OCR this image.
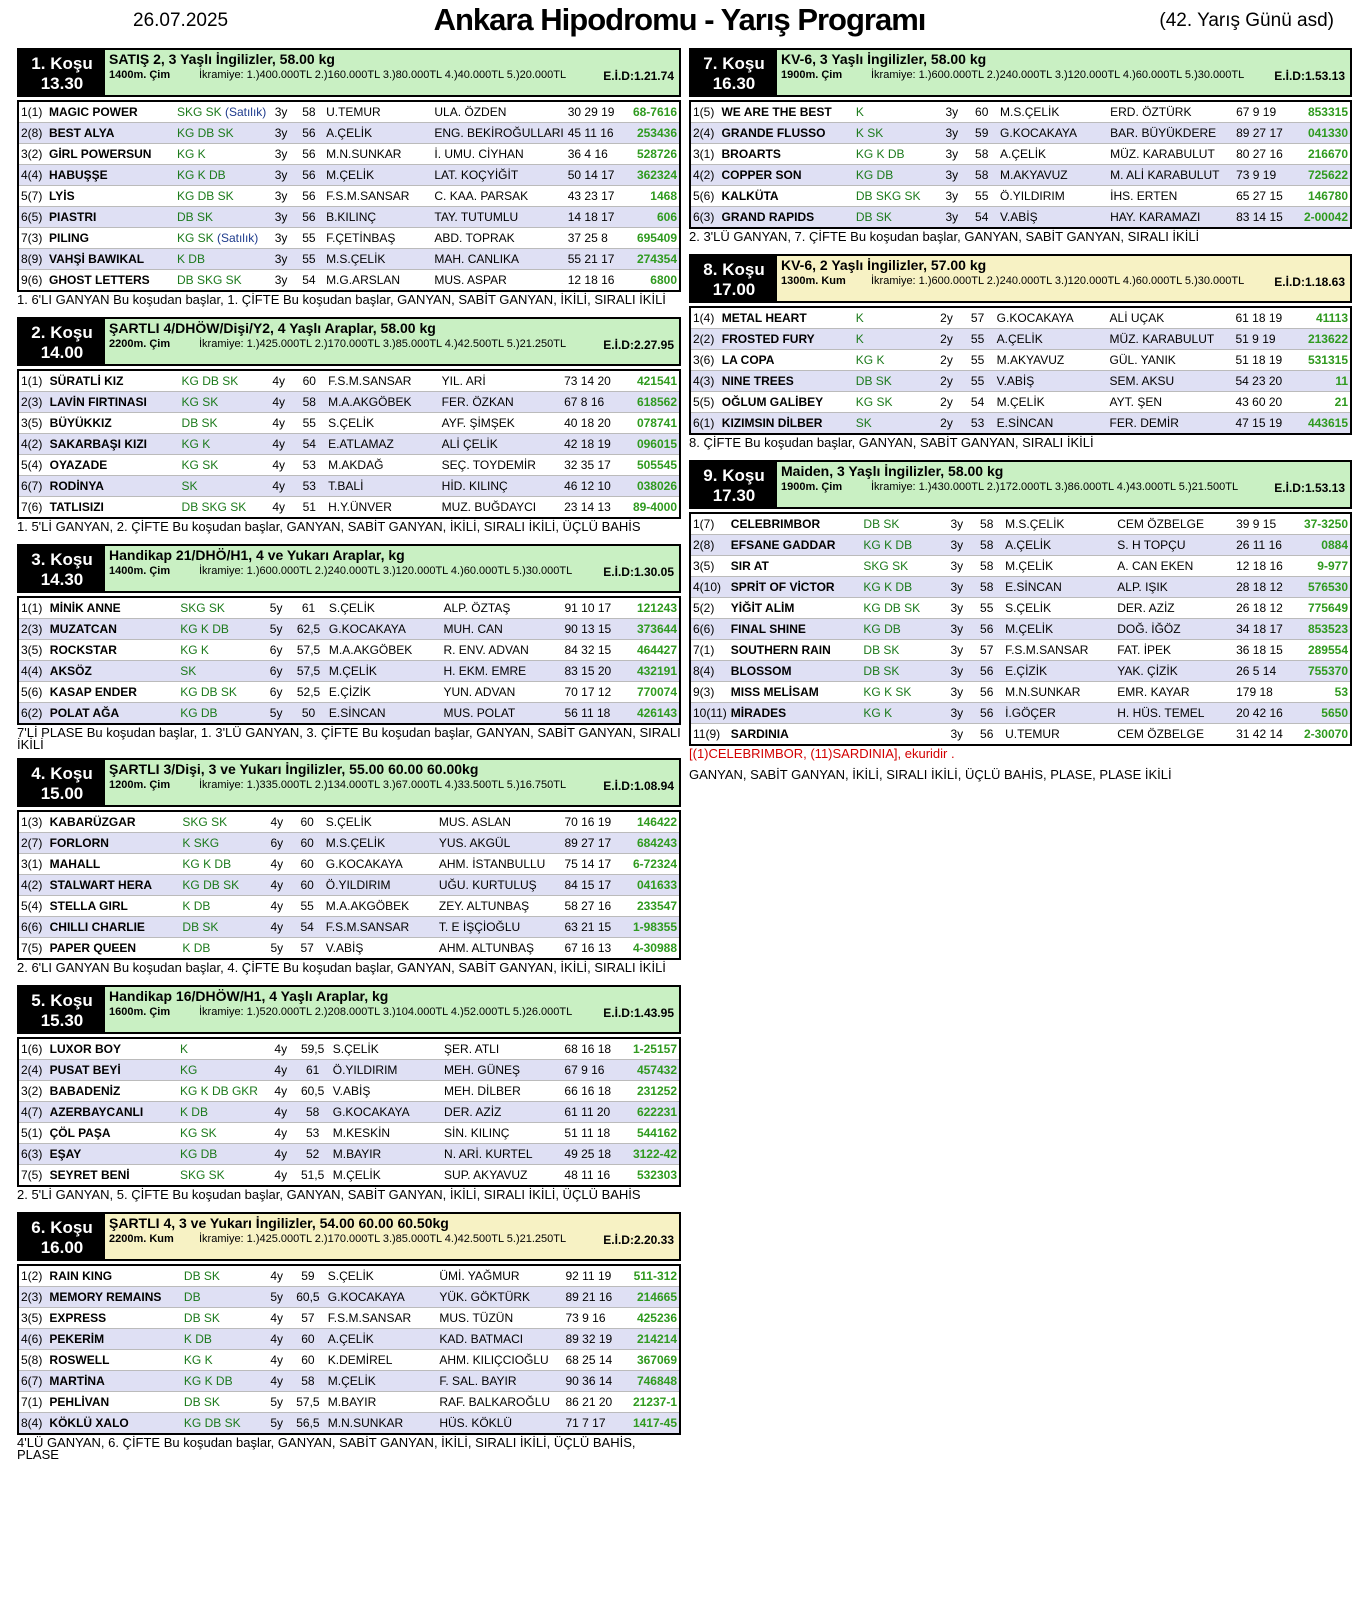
26.07.2025	Ankara Hipodromu - Yarış Programı	(42. Yarış Günü asd)
1. Koşu
13.30
SATIŞ 2, 3 Yaşlı İngilizler, 58.00 kg
1400m. Çim	İkramiye: 1.)400.000TL 2.)160.000TL 3.)80.000TL 4.)40.000TL 5.)20.000TL	E.İ.D:1.21.74
1(1)	MAGIC POWER	SKG SK (Satılık)	3y	58	U.TEMUR	ULA. ÖZDEN	30 29 19	68-7616
2(8)	BEST ALYA	KG DB SK	3y	56	A.ÇELİK	ENG. BEKİROĞULLARI	45 11 16	253436
3(2)	GİRL POWERSUN	KG K	3y	56	M.N.SUNKAR	İ. UMU. CİYHAN	36 4 16	528726
4(4)	HABUŞŞE	KG K DB	3y	56	M.ÇELİK	LAT. KOÇYİĞİT	50 14 17	362324
5(7)	LYİS	KG DB SK	3y	56	F.S.M.SANSAR	C. KAA. PARSAK	43 23 17	1468
6(5)	PIASTRI	DB SK	3y	56	B.KILINÇ	TAY. TUTUMLU	14 18 17	606
7(3)	PILING	KG SK (Satılık)	3y	55	F.ÇETİNBAŞ	ABD. TOPRAK	37 25 8	695409
8(9)	VAHŞİ BAWIKAL	K DB	3y	55	M.S.ÇELİK	MAH. CANLIKA	55 21 17	274354
9(6)	GHOST LETTERS	DB SKG SK	3y	54	M.G.ARSLAN	MUS. ASPAR	12 18 16	6800
1. 6'LI GANYAN Bu koşudan başlar, 1. ÇİFTE Bu koşudan başlar, GANYAN, SABİT GANYAN, İKİLİ, SIRALI İKİLİ
2. Koşu
14.00
ŞARTLI 4/DHÖW/Dişi/Y2, 4 Yaşlı Araplar, 58.00 kg
2200m. Çim	İkramiye: 1.)425.000TL 2.)170.000TL 3.)85.000TL 4.)42.500TL 5.)21.250TL	E.İ.D:2.27.95
1(1)	SÜRATLİ KIZ	KG DB SK	4y	60	F.S.M.SANSAR	YIL. ARİ	73 14 20	421541
2(3)	LAVİN FIRTINASI	KG SK	4y	58	M.A.AKGÖBEK	FER. ÖZKAN	67 8 16	618562
3(5)	BÜYÜKKIZ	DB SK	4y	55	S.ÇELİK	AYF. ŞİMŞEK	40 18 20	078741
4(2)	SAKARBAŞI KIZI	KG K	4y	54	E.ATLAMAZ	ALİ ÇELİK	42 18 19	096015
5(4)	OYAZADE	KG SK	4y	53	M.AKDAĞ	SEÇ. TOYDEMİR	32 35 17	505545
6(7)	RODİNYA	SK	4y	53	T.BALİ	HİD. KILINÇ	46 12 10	038026
7(6)	TATLISIZI	DB SKG SK	4y	51	H.Y.ÜNVER	MUZ. BUĞDAYCI	23 14 13	89-4000
1. 5'Lİ GANYAN, 2. ÇİFTE Bu koşudan başlar, GANYAN, SABİT GANYAN, İKİLİ, SIRALI İKİLİ, ÜÇLÜ BAHİS
3. Koşu
14.30
Handikap 21/DHÖ/H1, 4 ve Yukarı Araplar, kg
1400m. Çim	İkramiye: 1.)600.000TL 2.)240.000TL 3.)120.000TL 4.)60.000TL 5.)30.000TL	E.İ.D:1.30.05
1(1)	MİNİK ANNE	SKG SK	5y	61	S.ÇELİK	ALP. ÖZTAŞ	91 10 17	121243
2(3)	MUZATCAN	KG K DB	5y	62,5	G.KOCAKAYA	MUH. CAN	90 13 15	373644
3(5)	ROCKSTAR	KG K	6y	57,5	M.A.AKGÖBEK	R. ENV. ADVAN	84 32 15	464427
4(4)	AKSÖZ	SK	6y	57,5	M.ÇELİK	H. EKM. EMRE	83 15 20	432191
5(6)	KASAP ENDER	KG DB SK	6y	52,5	E.ÇİZİK	YUN. ADVAN	70 17 12	770074
6(2)	POLAT AĞA	KG DB	5y	50	E.SİNCAN	MUS. POLAT	56 11 18	426143
7'Lİ PLASE Bu koşudan başlar, 1. 3'LÜ GANYAN, 3. ÇİFTE Bu koşudan başlar, GANYAN, SABİT GANYAN, SIRALI İKİLİ
4. Koşu
15.00
ŞARTLI 3/Dişi, 3 ve Yukarı İngilizler, 55.00 60.00 60.00kg
1200m. Çim	İkramiye: 1.)335.000TL 2.)134.000TL 3.)67.000TL 4.)33.500TL 5.)16.750TL	E.İ.D:1.08.94
1(3)	KABARÜZGAR	SKG SK	4y	60	S.ÇELİK	MUS. ASLAN	70 16 19	146422
2(7)	FORLORN	K SKG	6y	60	M.S.ÇELİK	YUS. AKGÜL	89 27 17	684243
3(1)	MAHALL	KG K DB	4y	60	G.KOCAKAYA	AHM. İSTANBULLU	75 14 17	6-72324
4(2)	STALWART HERA	KG DB SK	4y	60	Ö.YILDIRIM	UĞU. KURTULUŞ	84 15 17	041633
5(4)	STELLA GIRL	K DB	4y	55	M.A.AKGÖBEK	ZEY. ALTUNBAŞ	58 27 16	233547
6(6)	CHILLI CHARLIE	DB SK	4y	54	F.S.M.SANSAR	T. E İŞÇİOĞLU	63 21 15	1-98355
7(5)	PAPER QUEEN	K DB	5y	57	V.ABİŞ	AHM. ALTUNBAŞ	67 16 13	4-30988
2. 6'LI GANYAN Bu koşudan başlar, 4. ÇİFTE Bu koşudan başlar, GANYAN, SABİT GANYAN, İKİLİ, SIRALI İKİLİ
5. Koşu
15.30
Handikap 16/DHÖW/H1, 4 Yaşlı Araplar, kg
1600m. Çim	İkramiye: 1.)520.000TL 2.)208.000TL 3.)104.000TL 4.)52.000TL 5.)26.000TL	E.İ.D:1.43.95
1(6)	LUXOR BOY	K	4y	59,5	S.ÇELİK	ŞER. ATLI	68 16 18	1-25157
2(4)	PUSAT BEYİ	KG	4y	61	Ö.YILDIRIM	MEH. GÜNEŞ	67 9 16	457432
3(2)	BABADENİZ	KG K DB GKR	4y	60,5	V.ABİŞ	MEH. DİLBER	66 16 18	231252
4(7)	AZERBAYCANLI	K DB	4y	58	G.KOCAKAYA	DER. AZİZ	61 11 20	622231
5(1)	ÇÖL PAŞA	KG SK	4y	53	M.KESKİN	SİN. KILINÇ	51 11 18	544162
6(3)	EŞAY	KG DB	4y	52	M.BAYIR	N. ARİ. KURTEL	49 25 18	3122-42
7(5)	SEYRET BENİ	SKG SK	4y	51,5	M.ÇELİK	SUP. AKYAVUZ	48 11 16	532303
2. 5'Lİ GANYAN, 5. ÇİFTE Bu koşudan başlar, GANYAN, SABİT GANYAN, İKİLİ, SIRALI İKİLİ, ÜÇLÜ BAHİS
6. Koşu
16.00
ŞARTLI 4, 3 ve Yukarı İngilizler, 54.00 60.00 60.50kg
2200m. Kum İkramiye: 1.)425.000TL 2.)170.000TL 3.)85.000TL 4.)42.500TL 5.)21.250TL	E.İ.D:2.20.33
1(2)	RAIN KING	DB SK	4y	59	S.ÇELİK	ÜMİ. YAĞMUR	92 11 19	511-312
2(3)	MEMORY REMAINS	DB	5y	60,5	G.KOCAKAYA	YÜK. GÖKTÜRK	89 21 16	214665
3(5)	EXPRESS	DB SK	4y	57	F.S.M.SANSAR	MUS. TÜZÜN	73 9 16	425236
4(6)	PEKERİM	K DB	4y	60	A.ÇELİK	KAD. BATMACI	89 32 19	214214
5(8)	ROSWELL	KG K	4y	60	K.DEMİREL	AHM. KILIÇCIOĞLU	68 25 14	367069
6(7)	MARTİNA	KG K DB	4y	58	M.ÇELİK	F. SAL. BAYIR	90 36 14	746848
7(1)	PEHLİVAN	DB SK	5y	57,5	M.BAYIR	RAF. BALKAROĞLU	86 21 20	21237-1
8(4)	KÖKLÜ XALO	KG DB SK	5y	56,5	M.N.SUNKAR	HÜS. KÖKLÜ	71 7 17	1417-45
4'LÜ GANYAN, 6. ÇİFTE Bu koşudan başlar, GANYAN, SABİT GANYAN, İKİLİ, SIRALI İKİLİ, ÜÇLÜ BAHİS, PLASE
7. Koşu
16.30
KV-6, 3 Yaşlı İngilizler, 58.00 kg
1900m. Çim	İkramiye: 1.)600.000TL 2.)240.000TL 3.)120.000TL 4.)60.000TL 5.)30.000TL	E.İ.D:1.53.13
1(5)	WE ARE THE BEST	K	3y	60	M.S.ÇELİK	ERD. ÖZTÜRK	67 9 19	853315
2(4)	GRANDE FLUSSO	K SK	3y	59	G.KOCAKAYA	BAR. BÜYÜKDERE	89 27 17	041330
3(1)	BROARTS	KG K DB	3y	58	A.ÇELİK	MÜZ. KARABULUT	80 27 16	216670
4(2)	COPPER SON	KG DB	3y	58	M.AKYAVUZ	M. ALİ KARABULUT	73 9 19	725622
5(6)	KALKÜTA	DB SKG SK	3y	55	Ö.YILDIRIM	İHS. ERTEN	65 27 15	146780
6(3)	GRAND RAPIDS	DB SK	3y	54	V.ABİŞ	HAY. KARAMAZI	83 14 15	2-00042
2. 3'LÜ GANYAN, 7. ÇİFTE Bu koşudan başlar, GANYAN, SABİT GANYAN, SIRALI İKİLİ
8. Koşu
17.00
KV-6, 2 Yaşlı İngilizler, 57.00 kg
1300m. Kum İkramiye: 1.)600.000TL 2.)240.000TL 3.)120.000TL 4.)60.000TL 5.)30.000TL	E.İ.D:1.18.63
1(4)	METAL HEART	K	2y	57	G.KOCAKAYA	ALİ UÇAK	61 18 19	41113
2(2)	FROSTED FURY	K	2y	55	A.ÇELİK	MÜZ. KARABULUT	51 9 19	213622
3(6)	LA COPA	KG K	2y	55	M.AKYAVUZ	GÜL. YANIK	51 18 19	531315
4(3)	NINE TREES	DB SK	2y	55	V.ABİŞ	SEM. AKSU	54 23 20	11
5(5)	OĞLUM GALİBEY	KG SK	2y	54	M.ÇELİK	AYT. ŞEN	43 60 20	21
6(1)	KIZIMSIN DİLBER	SK	2y	53	E.SİNCAN	FER. DEMİR	47 15 19	443615
8. ÇİFTE Bu koşudan başlar, GANYAN, SABİT GANYAN, SIRALI İKİLİ
9. Koşu
17.30
Maiden, 3 Yaşlı İngilizler, 58.00 kg
1900m. Çim	İkramiye: 1.)430.000TL 2.)172.000TL 3.)86.000TL 4.)43.000TL 5.)21.500TL	E.İ.D:1.53.13
1(7)	CELEBRIMBOR	DB SK	3y	58	M.S.ÇELİK	CEM ÖZBELGE	39 9 15	37-3250
2(8)	EFSANE GADDAR	KG K DB	3y	58	A.ÇELİK	S. H TOPÇU	26 11 16	0884
3(5)	SIR AT	SKG SK	3y	58	M.ÇELİK	A. CAN EKEN	12 18 16	9-977
4(10)	SPRİT OF VİCTOR	KG K DB	3y	58	E.SİNCAN	ALP. IŞIK	28 18 12	576530
5(2)	YİĞİT ALİM	KG DB SK	3y	55	S.ÇELİK	DER. AZİZ	26 18 12	775649
6(6)	FINAL SHINE	KG DB	3y	56	M.ÇELİK	DOĞ. İĞÖZ	34 18 17	853523
7(1)	SOUTHERN RAIN	DB SK	3y	57	F.S.M.SANSAR	FAT. İPEK	36 18 15	289554
8(4)	BLOSSOM	DB SK	3y	56	E.ÇİZİK	YAK. ÇİZİK	26 5 14	755370
9(3)	MISS MELİSAM	KG K SK	3y	56	M.N.SUNKAR	EMR. KAYAR	179 18	53
10(11)	MİRADES	KG K	3y	56	İ.GÖÇER	H. HÜS. TEMEL	20 42 16	5650
11(9)	SARDINIA		3y	56	U.TEMUR	CEM ÖZBELGE	31 42 14	2-30070
[(1)CELEBRIMBOR, (11)SARDINIA], ekuridir .
GANYAN, SABİT GANYAN, İKİLİ, SIRALI İKİLİ, ÜÇLÜ BAHİS, PLASE, PLASE İKİLİ
